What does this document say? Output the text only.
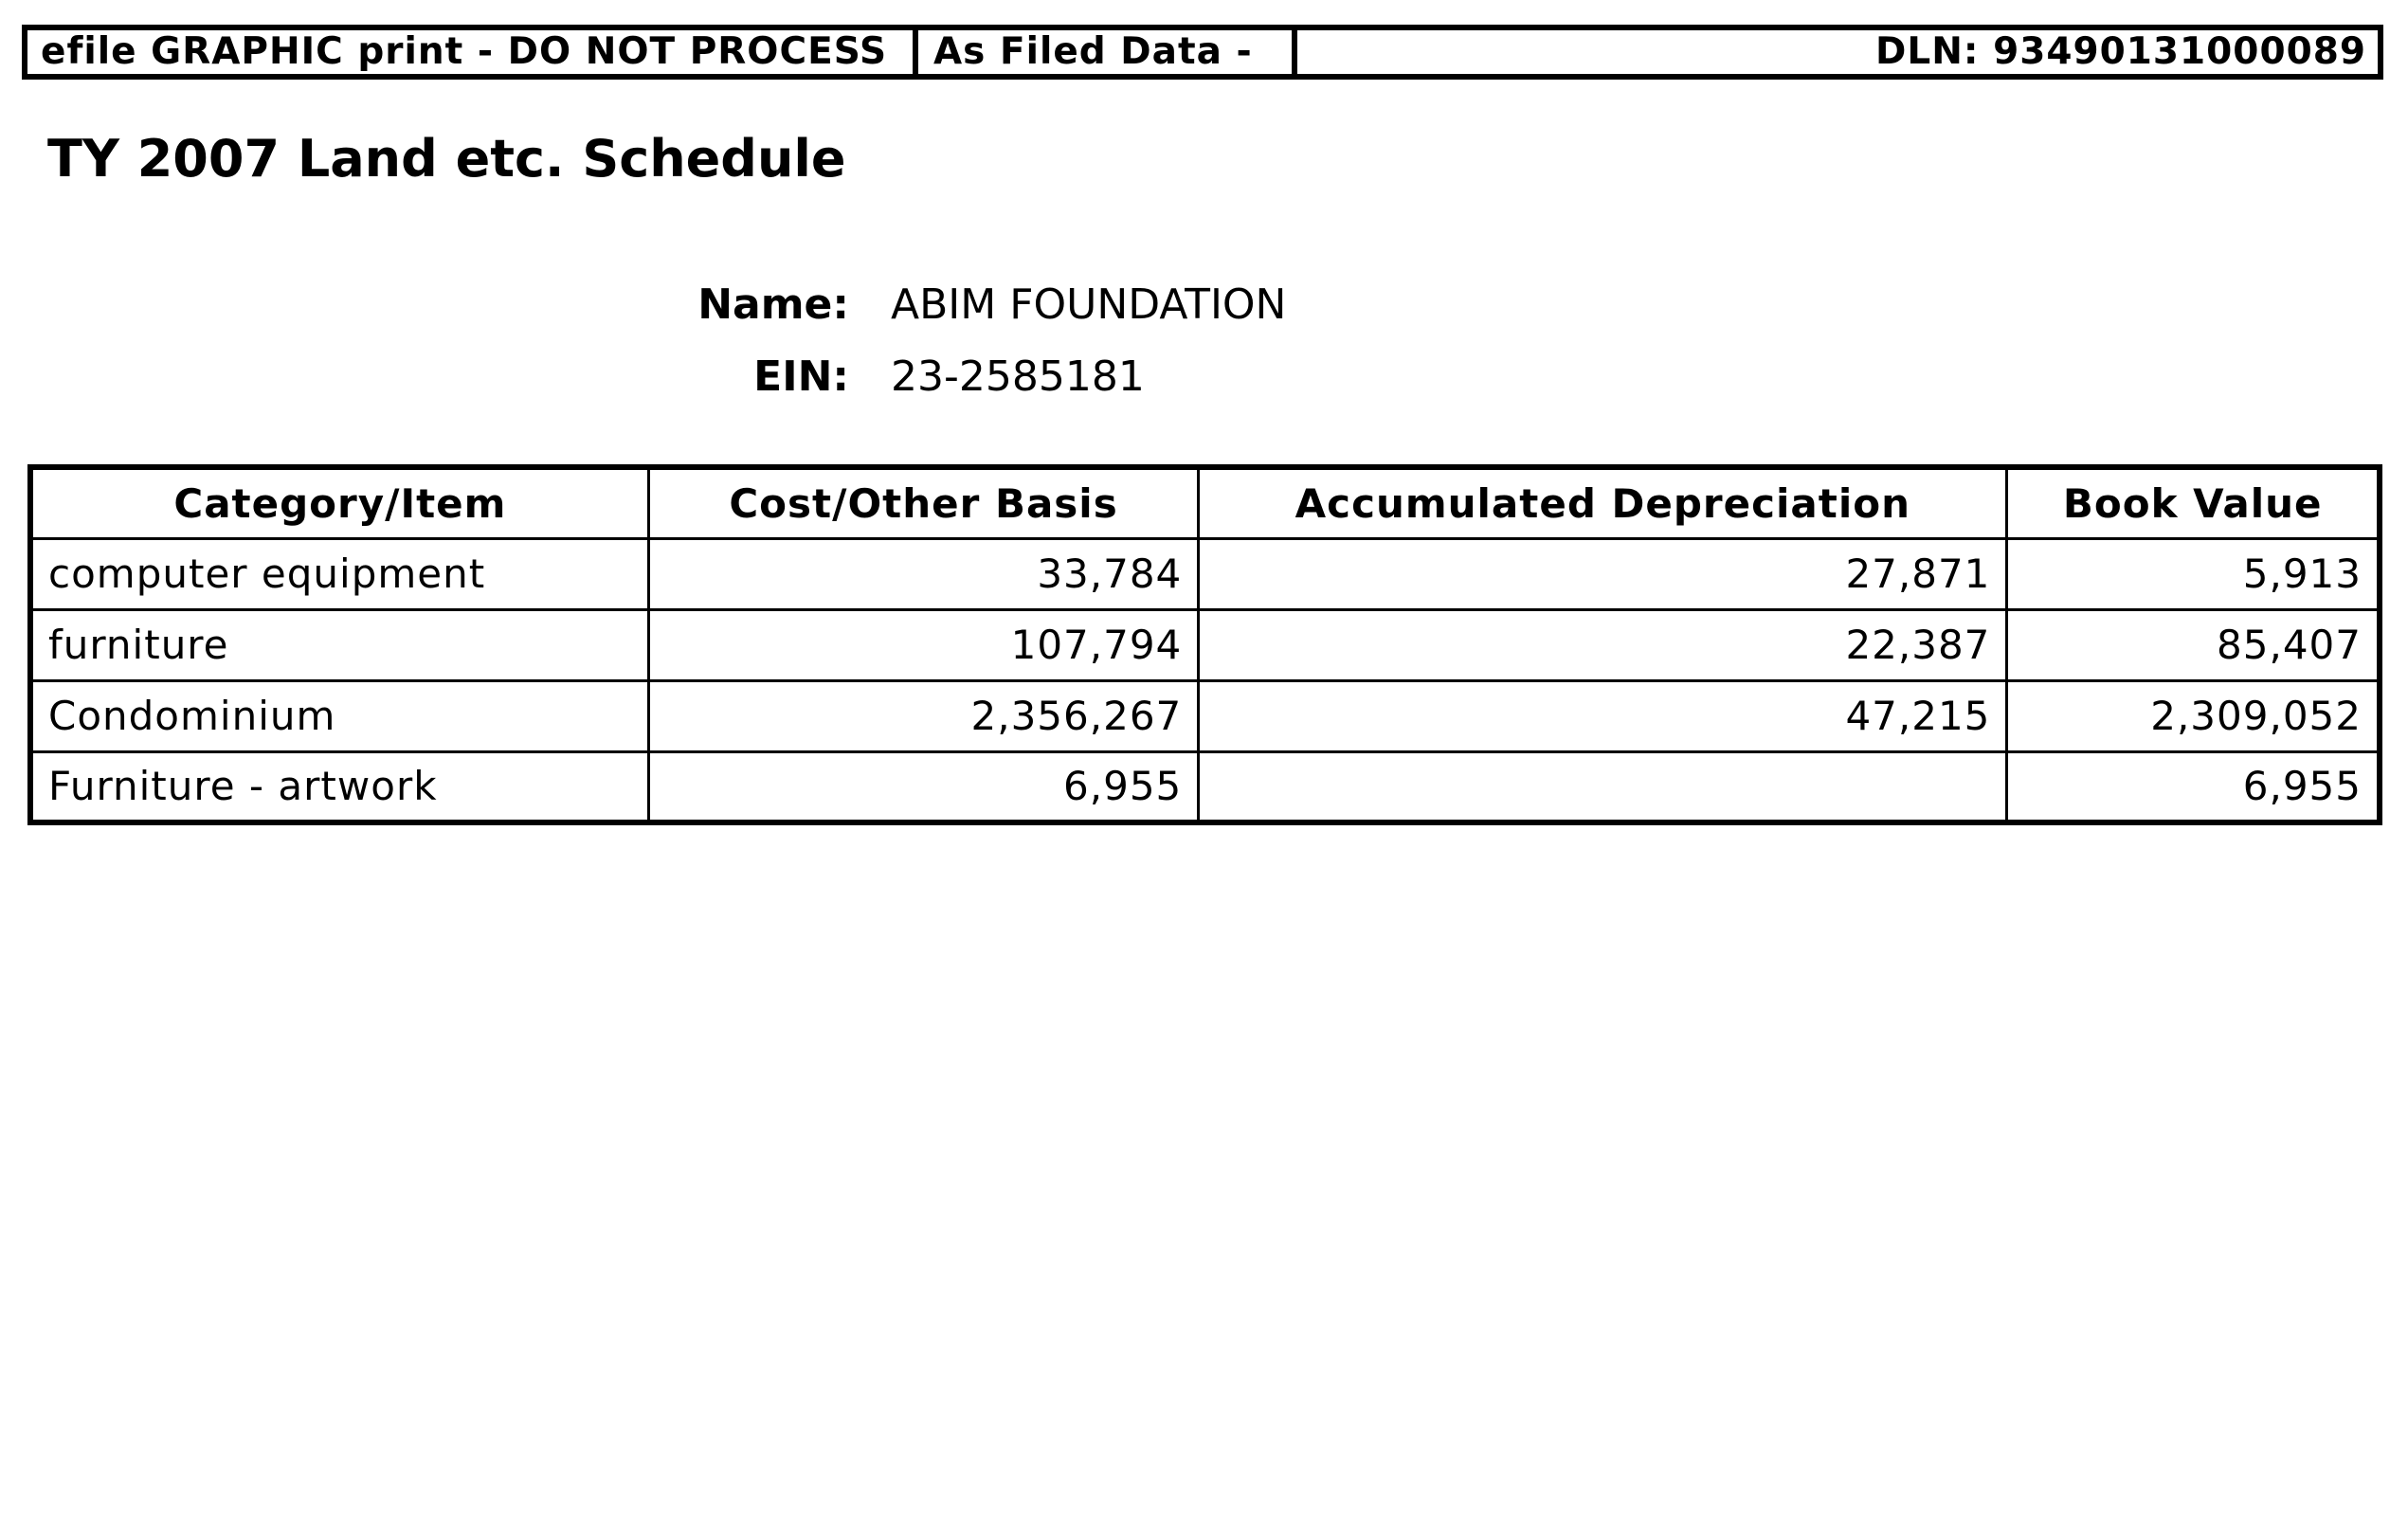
efile GRAPHIC print - DO NOT PROCESS	As Filed Data -	DLN: 93490131000089
TY 2007 Land etc. Schedule
Name: ABIM FOUNDATION
EIN: 23-2585181
Category/Item	Cost/Other Basis	Accumulated Depreciation	Book Value
computer equipment	33,784	27,871	5,913
furniture	107,794	22,387	85,407
Condominium	2,356,267	47,215	2,309,052
Furniture - artwork	6,955		6,955
